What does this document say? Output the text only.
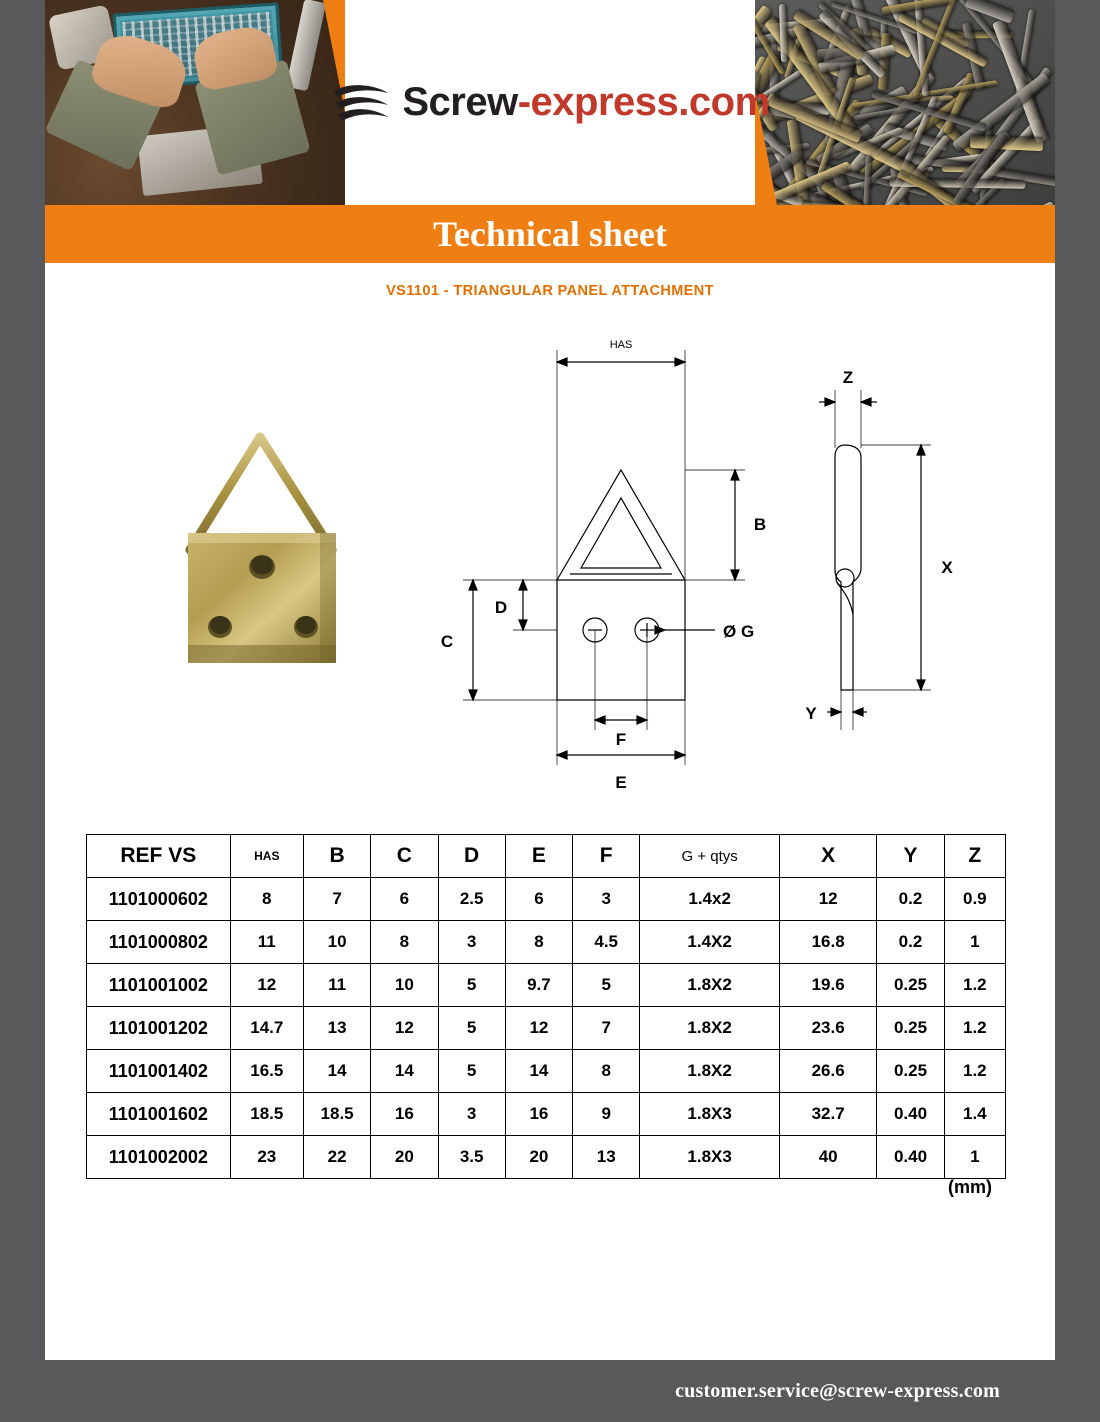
Screw-express.com
Technical sheet
VS1101 - TRIANGULAR PANEL ATTACHMENT
HAS
B
C
D
F
E
Ø G
Z
X
Y
REF VS	HAS	B	C	D	E	F	G + qtys	X	Y	Z
1101000602	8	7	6	2.5	6	3	1.4x2	12	0.2	0.9
1101000802	11	10	8	3	8	4.5	1.4X2	16.8	0.2	1
1101001002	12	11	10	5	9.7	5	1.8X2	19.6	0.25	1.2
1101001202	14.7	13	12	5	12	7	1.8X2	23.6	0.25	1.2
1101001402	16.5	14	14	5	14	8	1.8X2	26.6	0.25	1.2
1101001602	18.5	18.5	16	3	16	9	1.8X3	32.7	0.40	1.4
1101002002	23	22	20	3.5	20	13	1.8X3	40	0.40	1
(mm)
customer.service@screw-express.com
